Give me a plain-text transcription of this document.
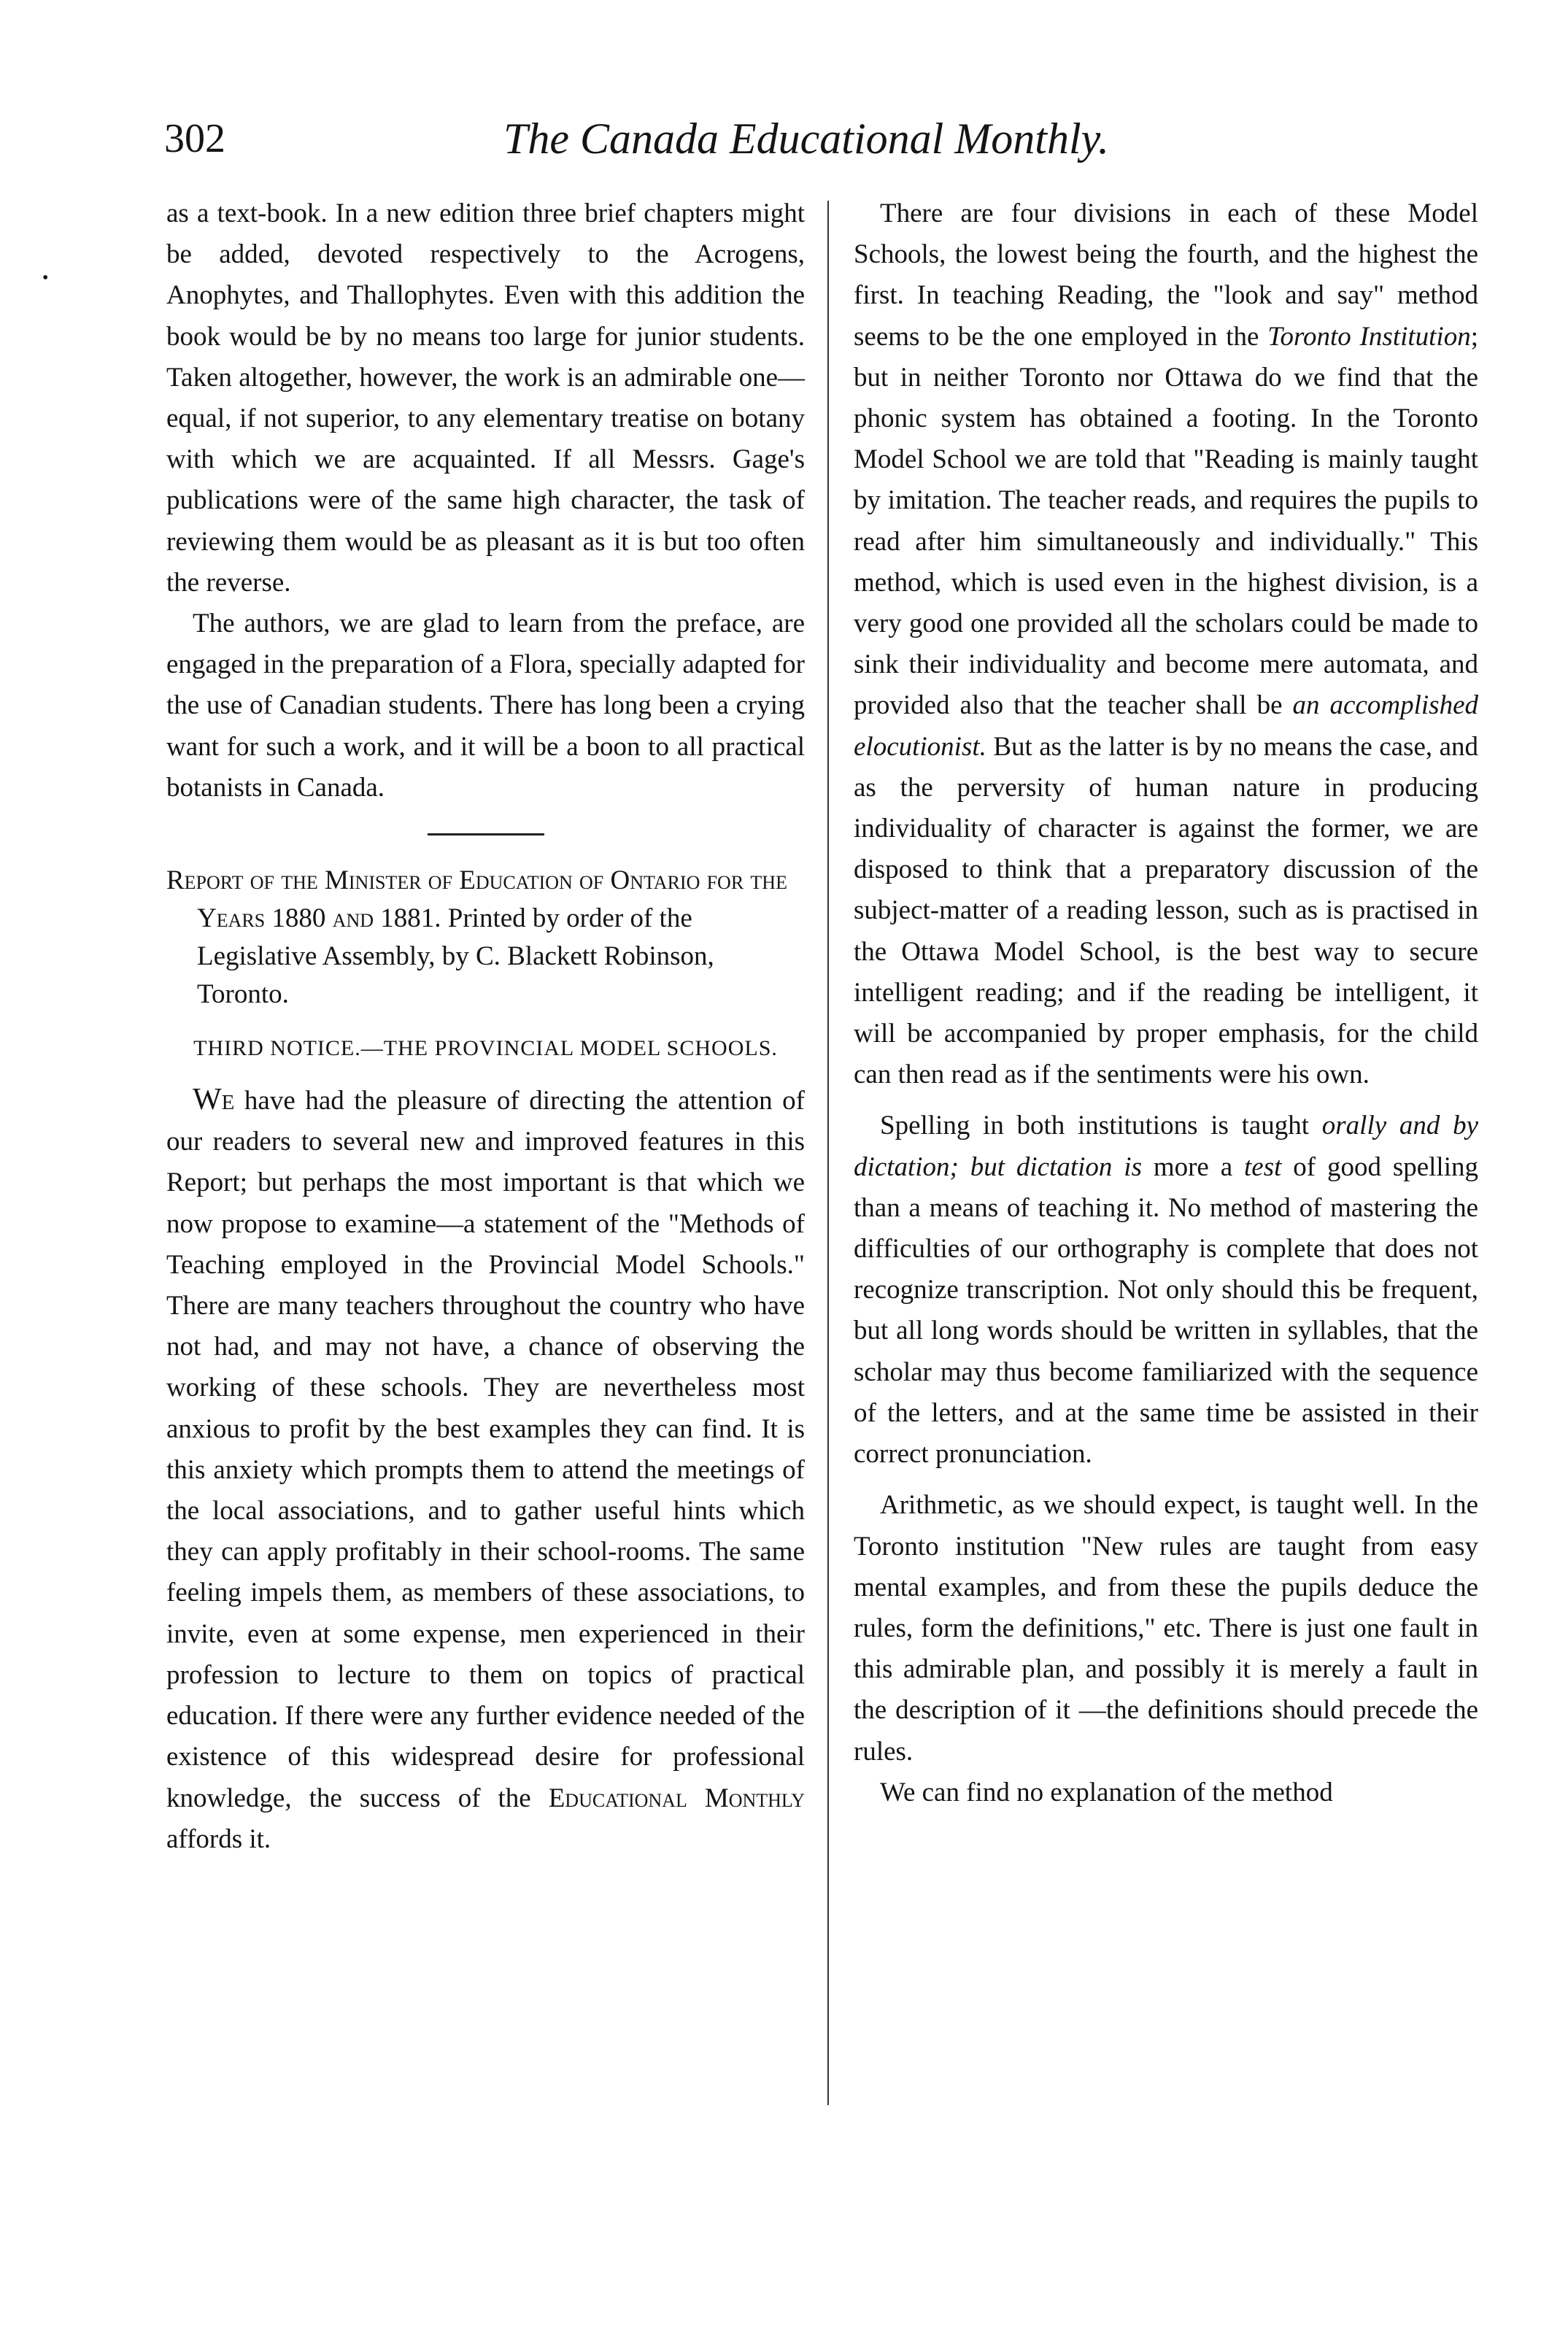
302	The Canada Educational Monthly.
•

as a text-book. In a new edition three brief chapters might be added, devoted respectively to the Acrogens, Anophytes, and Thallophytes. Even with this addition the book would be by no means too large for junior students. Taken altogether, however, the work is an admirable one—equal, if not superior, to any elementary treatise on botany with which we are acquainted. If all Messrs. Gage's publications were of the same high character, the task of reviewing them would be as pleasant as it is but too often the reverse.

The authors, we are glad to learn from the preface, are engaged in the preparation of a Flora, specially adapted for the use of Canadian students. There has long been a crying want for such a work, and it will be a boon to all practical botanists in Canada.

Report of the Minister of Education of Ontario for the Years 1880 and 1881. Printed by order of the Legislative Assembly, by C. Blackett Robinson, Toronto.

THIRD NOTICE.—THE PROVINCIAL MODEL SCHOOLS.

We have had the pleasure of directing the attention of our readers to several new and improved features in this Report; but perhaps the most important is that which we now propose to examine—a statement of the "Methods of Teaching employed in the Provincial Model Schools." There are many teachers throughout the country who have not had, and may not have, a chance of observing the working of these schools. They are nevertheless most anxious to profit by the best examples they can find. It is this anxiety which prompts them to attend the meetings of the local associations, and to gather useful hints which they can apply profitably in their school-rooms. The same feeling impels them, as members of these associations, to invite, even at some expense, men experienced in their profession to lecture to them on topics of practical education. If there were any further evidence needed of the existence of this widespread desire for professional knowledge, the success of the Educational Monthly affords it.

There are four divisions in each of these Model Schools, the lowest being the fourth, and the highest the first. In teaching Reading, the "look and say" method seems to be the one employed in the Toronto Institution; but in neither Toronto nor Ottawa do we find that the phonic system has obtained a footing. In the Toronto Model School we are told that "Reading is mainly taught by imitation. The teacher reads, and requires the pupils to read after him simultaneously and individually." This method, which is used even in the highest division, is a very good one provided all the scholars could be made to sink their individuality and become mere automata, and provided also that the teacher shall be an accomplished elocutionist. But as the latter is by no means the case, and as the perversity of human nature in producing individuality of character is against the former, we are disposed to think that a preparatory discussion of the subject-matter of a reading lesson, such as is practised in the Ottawa Model School, is the best way to secure intelligent reading; and if the reading be intelligent, it will be accompanied by proper emphasis, for the child can then read as if the sentiments were his own.

Spelling in both institutions is taught orally and by dictation; but dictation is more a test of good spelling than a means of teaching it. No method of mastering the difficulties of our orthography is complete that does not recognize transcription. Not only should this be frequent, but all long words should be written in syllables, that the scholar may thus become familiarized with the sequence of the letters, and at the same time be assisted in their correct pronunciation.

Arithmetic, as we should expect, is taught well. In the Toronto institution "New rules are taught from easy mental examples, and from these the pupils deduce the rules, form the definitions," etc. There is just one fault in this admirable plan, and possibly it is merely a fault in the description of it —the definitions should precede the rules.

We can find no explanation of the method
